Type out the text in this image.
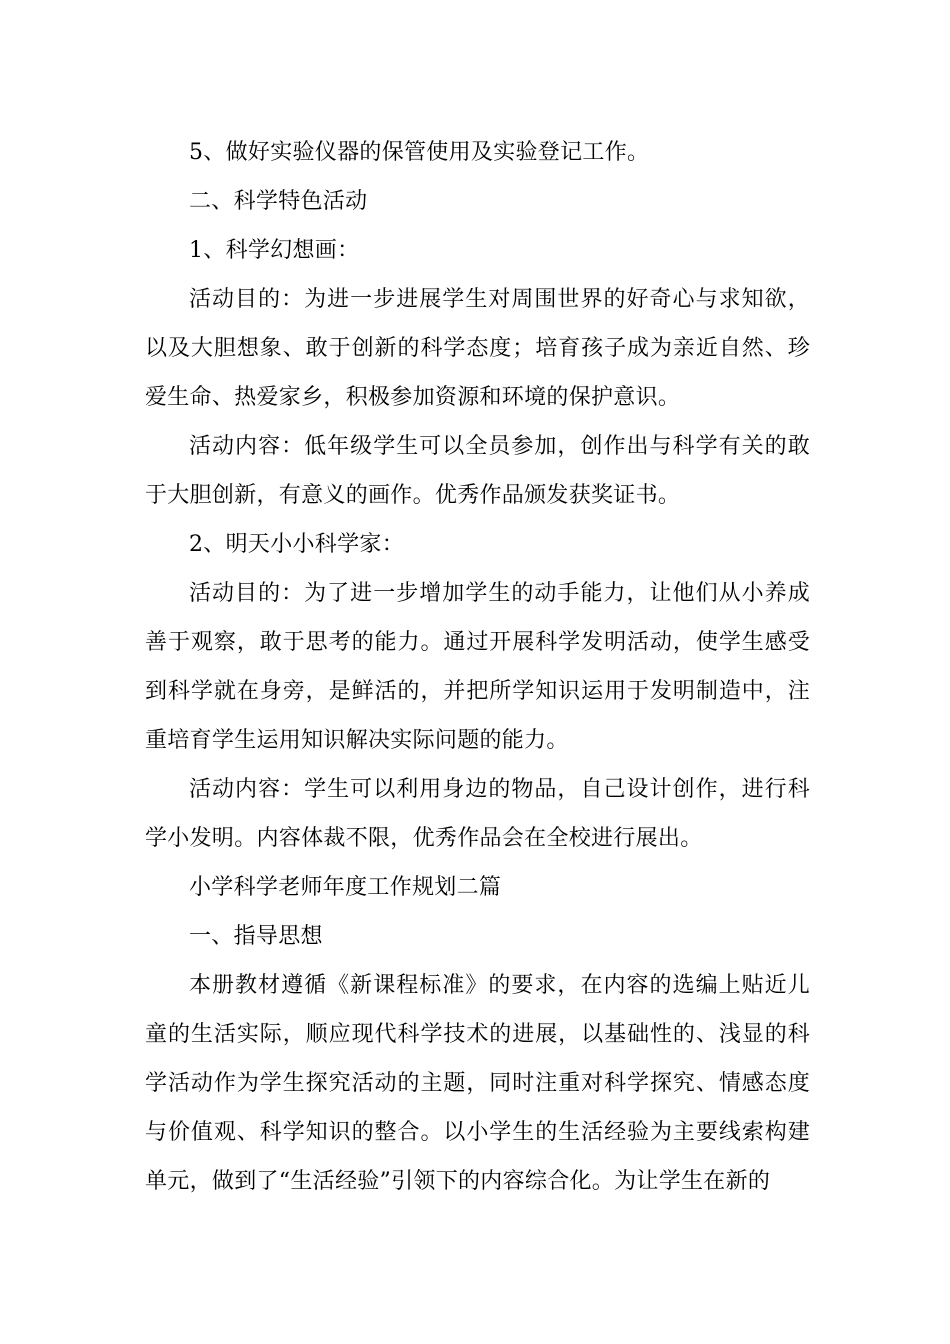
5、做好实验仪器的保管使用及实验登记工作。

二、科学特色活动

1、科学幻想画：

活动目的：为进一步进展学生对周围世界的好奇心与求知欲，以及大胆想象、敢于创新的科学态度；培育孩子成为亲近自然、珍爱生命、热爱家乡，积极参加资源和环境的保护意识。

活动内容：低年级学生可以全员参加，创作出与科学有关的敢于大胆创新，有意义的画作。优秀作品颁发获奖证书。

2、明天小小科学家：

活动目的：为了进一步增加学生的动手能力，让他们从小养成善于观察，敢于思考的能力。通过开展科学发明活动，使学生感受到科学就在身旁，是鲜活的，并把所学知识运用于发明制造中，注重培育学生运用知识解决实际问题的能力。

活动内容：学生可以利用身边的物品，自己设计创作，进行科学小发明。内容体裁不限，优秀作品会在全校进行展出。

小学科学老师年度工作规划二篇

一、指导思想

本册教材遵循《新课程标准》的要求，在内容的选编上贴近儿童的生活实际，顺应现代科学技术的进展，以基础性的、浅显的科学活动作为学生探究活动的主题，同时注重对科学探究、情感态度与价值观、科学知识的整合。以小学生的生活经验为主要线索构建单元，做到了“生活经验”引领下的内容综合化。为让学生在新的
